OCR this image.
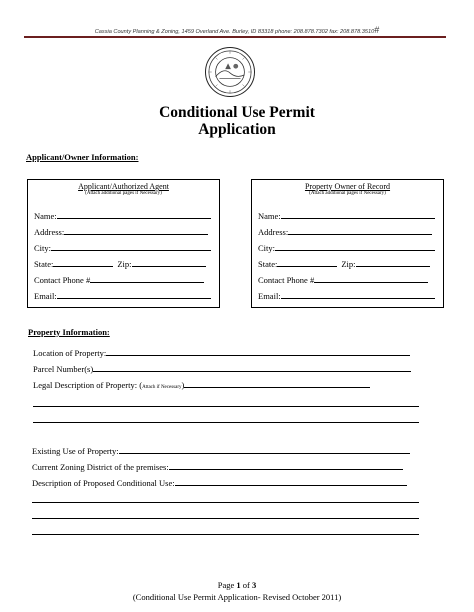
Cassia County Planning & Zoning, 1459 Overland Ave. Burley, ID 83318 phone: 208.878.7302 fax: 208.878.3510#
Conditional Use Permit
Application
Applicant/Owner Information:
Applicant/Authorized Agent
(Attach additional pages if Necessary)
Name:
Address:
City:
State:	Zip:
Contact Phone #
Email:
Property Owner of Record
(Attach additional pages if Necessary)
Name:
Address:
City:
State:	Zip:
Contact Phone #
Email:
Property Information:
Location of Property:
Parcel Number(s)
Legal Description of Property: ( Attach if Necessary )
Existing Use of Property:
Current Zoning District of the premises:
Description of Proposed Conditional Use:
Page 1 of 3
(Conditional Use Permit Application- Revised October 2011)
